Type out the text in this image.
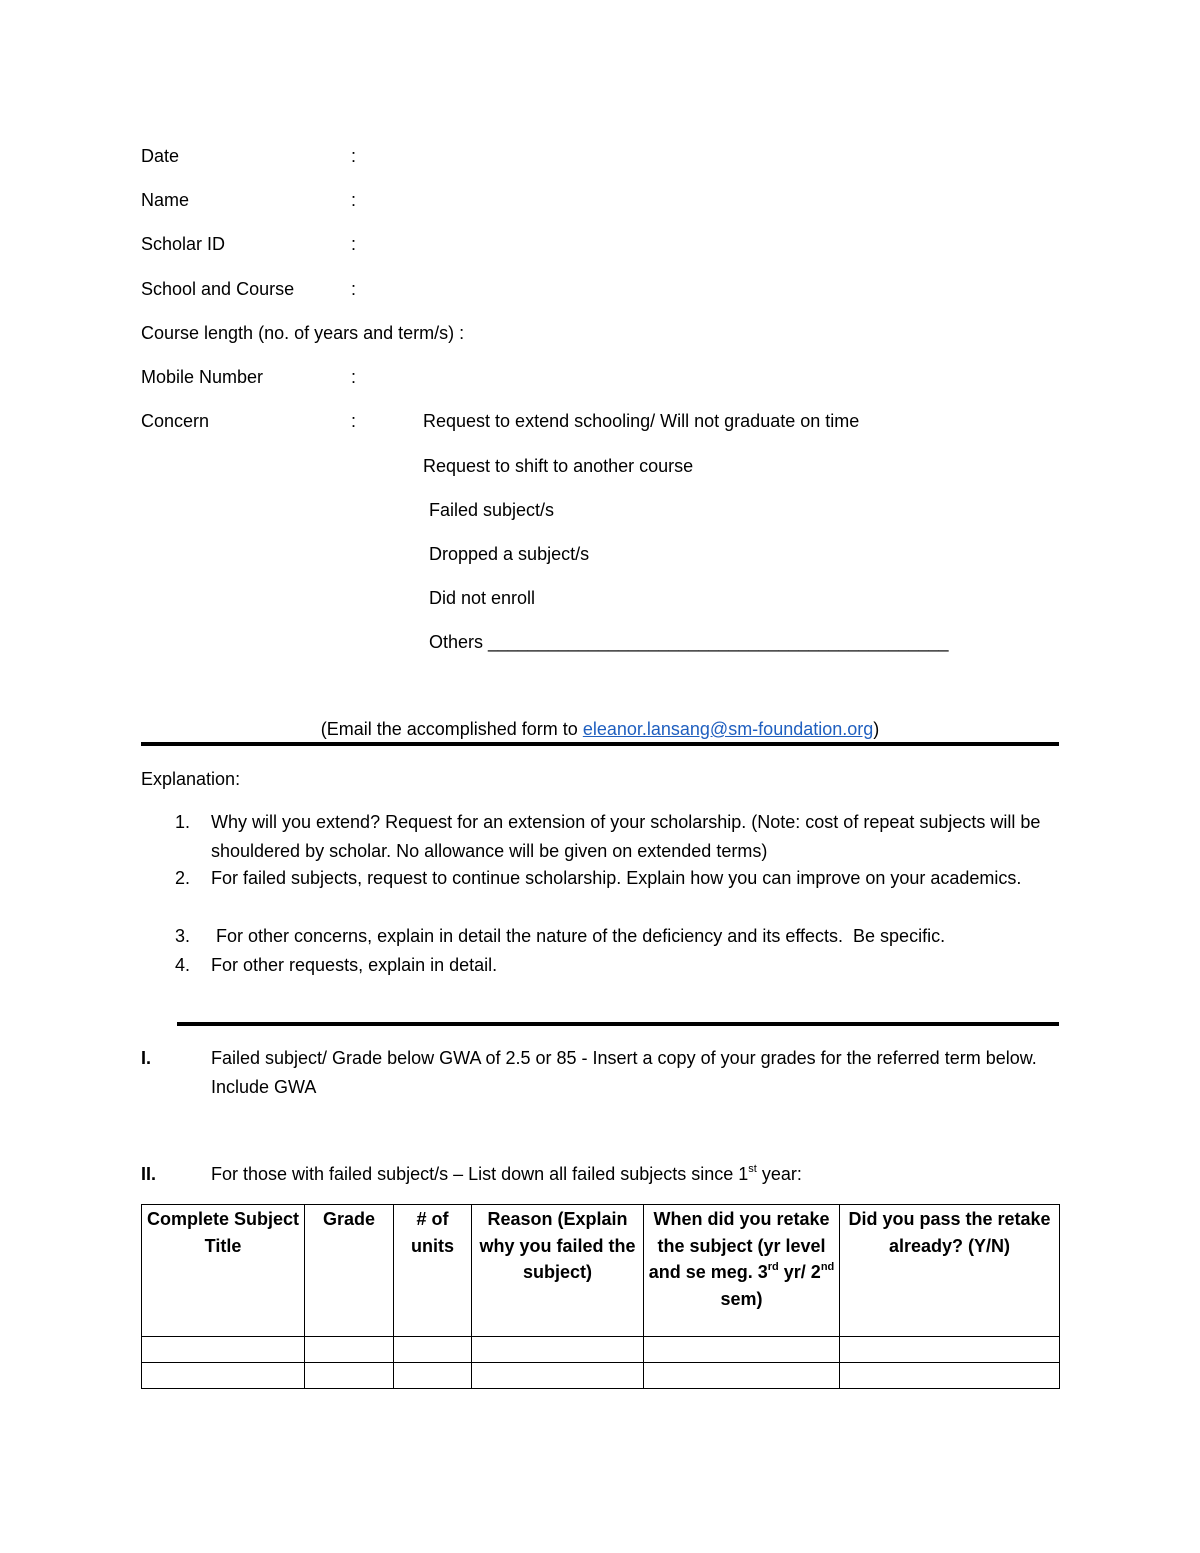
Date	:
Name	:
Scholar ID	:
School and Course	:
Course length (no. of years and term/s) :
Mobile Number	:
Concern	:	Request to extend schooling/ Will not graduate on time
Request to shift to another course
Failed subject/s
Dropped a subject/s
Did not enroll
Others ______________________________________________
(Email the accomplished form to eleanor.lansang@sm-foundation.org)
Explanation:
1. Why will you extend? Request for an extension of your scholarship. (Note: cost of repeat subjects will be shouldered by scholar. No allowance will be given on extended terms)
2. For failed subjects, request to continue scholarship. Explain how you can improve on your academics.
3. For other concerns, explain in detail the nature of the deficiency and its effects.  Be specific.
4. For other requests, explain in detail.
I.	Failed subject/ Grade below GWA of 2.5 or 85 - Insert a copy of your grades for the referred term below. Include GWA
II.	For those with failed subject/s – List down all failed subjects since 1st year:
Complete Subject Title	Grade	# of units	Reason (Explain why you failed the subject)	When did you retake the subject (yr level and se meg. 3rd yr/ 2nd sem)	Did you pass the retake already? (Y/N)
